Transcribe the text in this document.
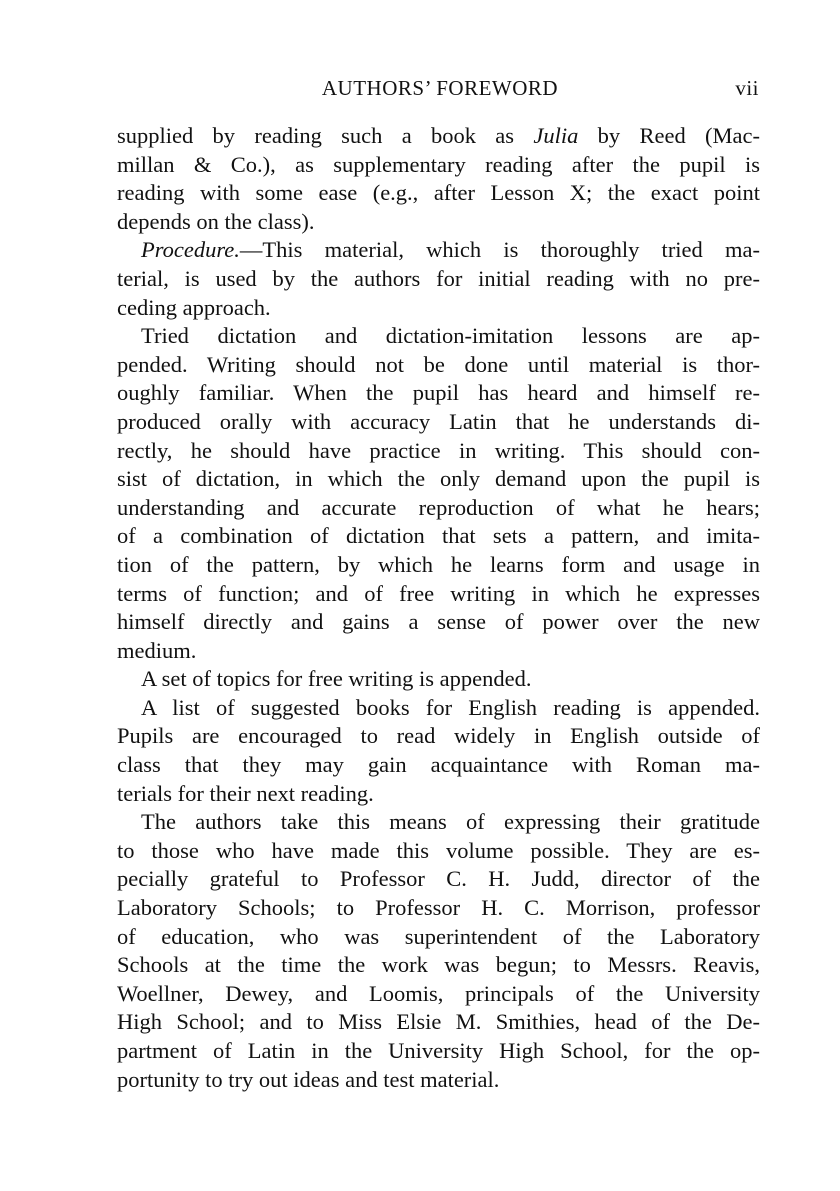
AUTHORS’ FOREWORD	vii
supplied by reading such a book as Julia by Reed (Mac-
millan & Co.), as supplementary reading after the pupil is
reading with some ease (e.g., after Lesson X; the exact point
depends on the class).
Procedure.—This material, which is thoroughly tried ma-
terial, is used by the authors for initial reading with no pre-
ceding approach.
Tried dictation and dictation-imitation lessons are ap-
pended. Writing should not be done until material is thor-
oughly familiar. When the pupil has heard and himself re-
produced orally with accuracy Latin that he understands di-
rectly, he should have practice in writing. This should con-
sist of dictation, in which the only demand upon the pupil is
understanding and accurate reproduction of what he hears;
of a combination of dictation that sets a pattern, and imita-
tion of the pattern, by which he learns form and usage in
terms of function; and of free writing in which he expresses
himself directly and gains a sense of power over the new
medium.
A set of topics for free writing is appended.
A list of suggested books for English reading is appended.
Pupils are encouraged to read widely in English outside of
class that they may gain acquaintance with Roman ma-
terials for their next reading.
The authors take this means of expressing their gratitude
to those who have made this volume possible. They are es-
pecially grateful to Professor C. H. Judd, director of the
Laboratory Schools; to Professor H. C. Morrison, professor
of education, who was superintendent of the Laboratory
Schools at the time the work was begun; to Messrs. Reavis,
Woellner, Dewey, and Loomis, principals of the University
High School; and to Miss Elsie M. Smithies, head of the De-
partment of Latin in the University High School, for the op-
portunity to try out ideas and test material.
